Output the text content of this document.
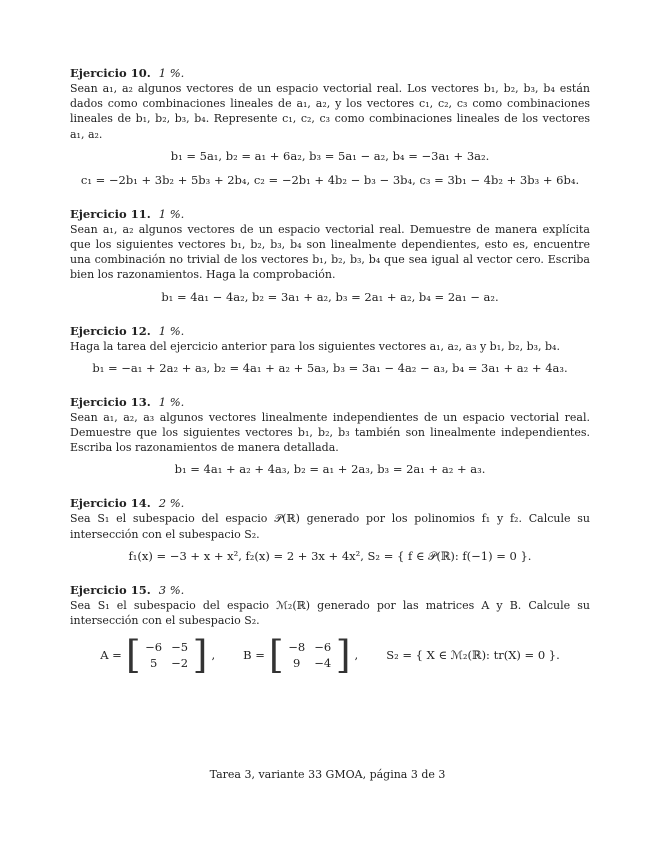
Ejercicio 10. 1 %.

Sean a₁, a₂ algunos vectores de un espacio vectorial real. Los vectores b₁, b₂, b₃, b₄ están dados como combinaciones lineales de a₁, a₂, y los vectores c₁, c₂, c₃ como combinaciones lineales de b₁, b₂, b₃, b₄. Represente c₁, c₂, c₃ como combinaciones lineales de los vectores a₁, a₂.

b₁ = 5a₁, b₂ = a₁ + 6a₂, b₃ = 5a₁ − a₂, b₄ = −3a₁ + 3a₂.

c₁ = −2b₁ + 3b₂ + 5b₃ + 2b₄, c₂ = −2b₁ + 4b₂ − b₃ − 3b₄, c₃ = 3b₁ − 4b₂ + 3b₃ + 6b₄.

Ejercicio 11. 1 %.

Sean a₁, a₂ algunos vectores de un espacio vectorial real. Demuestre de manera explícita que los siguientes vectores b₁, b₂, b₃, b₄ son linealmente dependientes, esto es, encuentre una combinación no trivial de los vectores b₁, b₂, b₃, b₄ que sea igual al vector cero. Escriba bien los razonamientos. Haga la comprobación.

b₁ = 4a₁ − 4a₂, b₂ = 3a₁ + a₂, b₃ = 2a₁ + a₂, b₄ = 2a₁ − a₂.

Ejercicio 12. 1 %.

Haga la tarea del ejercicio anterior para los siguientes vectores a₁, a₂, a₃ y b₁, b₂, b₃, b₄.

b₁ = −a₁ + 2a₂ + a₃, b₂ = 4a₁ + a₂ + 5a₃, b₃ = 3a₁ − 4a₂ − a₃, b₄ = 3a₁ + a₂ + 4a₃.

Ejercicio 13. 1 %.

Sean a₁, a₂, a₃ algunos vectores linealmente independientes de un espacio vectorial real. Demuestre que los siguientes vectores b₁, b₂, b₃ también son linealmente independientes. Escriba los razonamientos de manera detallada.

b₁ = 4a₁ + a₂ + 4a₃, b₂ = a₁ + 2a₃, b₃ = 2a₁ + a₂ + a₃.

Ejercicio 14. 2 %.

Sea S₁ el subespacio del espacio 𝒫(ℝ) generado por los polinomios f₁ y f₂. Calcule su intersección con el subespacio S₂.

f₁(x) = −3 + x + x², f₂(x) = 2 + 3x + 4x², S₂ = { f ∈ 𝒫(ℝ): f(−1) = 0 }.

Ejercicio 15. 3 %.

Sea S₁ el subespacio del espacio ℳ₂(ℝ) generado por las matrices A y B. Calcule su intersección con el subespacio S₂.

A = [ −6 −5
5	−2 ] , B = [ −8 −6
9	−4 ] , S₂ = { X ∈ ℳ₂(ℝ): tr(X) = 0 }.
Tarea 3, variante 33 GMOA, página 3 de 3
